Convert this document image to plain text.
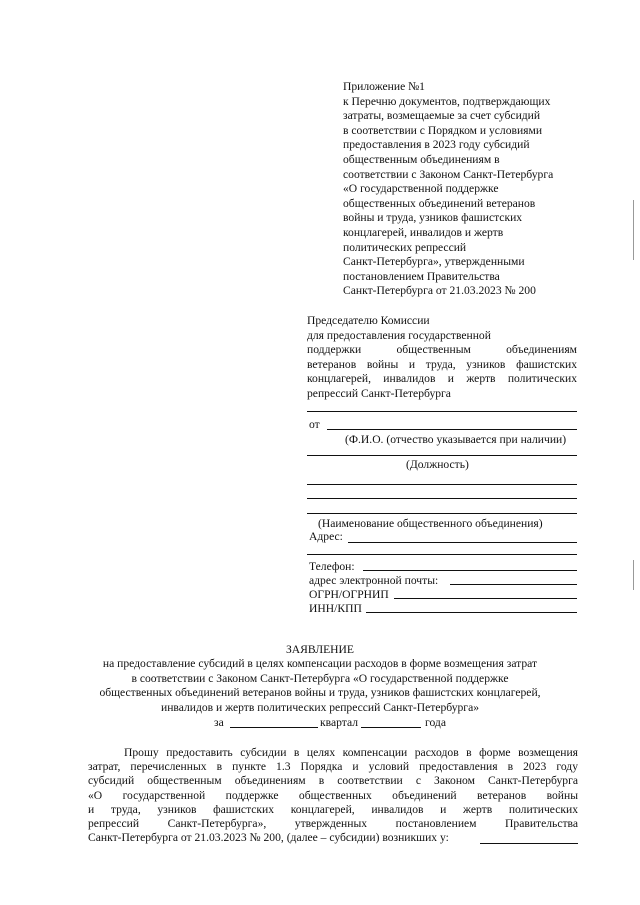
Приложение №1
к Перечню документов, подтверждающих
затраты, возмещаемые за счет субсидий
в соответствии с Порядком и условиями
предоставления в 2023 году субсидий
общественным объединениям в
соответствии с Законом Санкт-Петербурга
«О государственной поддержке
общественных объединений ветеранов
войны и труда, узников фашистских
концлагерей, инвалидов и жертв
политических репрессий
Санкт-Петербурга», утвержденными
постановлением Правительства
Санкт-Петербурга от 21.03.2023 № 200
Председателю Комиссии
для предоставления государственной
поддержки общественным объединениям
ветеранов войны и труда, узников фашистских
концлагерей, инвалидов и жертв политических
репрессий Санкт-Петербурга
от
(Ф.И.О. (отчество указывается при наличии)
(Должность)
(Наименование общественного объединения)
Адрес:
Телефон:
адрес электронной почты:
ОГРН/ОГРНИП
ИНН/КПП
ЗАЯВЛЕНИЕ
на предоставление субсидий в целях компенсации расходов в форме возмещения затрат
в соответствии с Законом Санкт-Петербурга «О государственной поддержке
общественных объединений ветеранов войны и труда, узников фашистских концлагерей,
инвалидов и жертв политических репрессий Санкт-Петербурга»
за	квартал	года
Прошу предоставить субсидии в целях компенсации расходов в форме возмещения
затрат, перечисленных в пункте 1.3 Порядка и условий предоставления в 2023 году
субсидий общественным объединениям в соответствии с Законом Санкт-Петербурга
«О государственной поддержке общественных объединений ветеранов войны
и труда, узников фашистских концлагерей, инвалидов и жертв политических
репрессий Санкт-Петербурга», утвержденных постановлением Правительства
Санкт-Петербурга от 21.03.2023 № 200, (далее – субсидии) возникших у:
